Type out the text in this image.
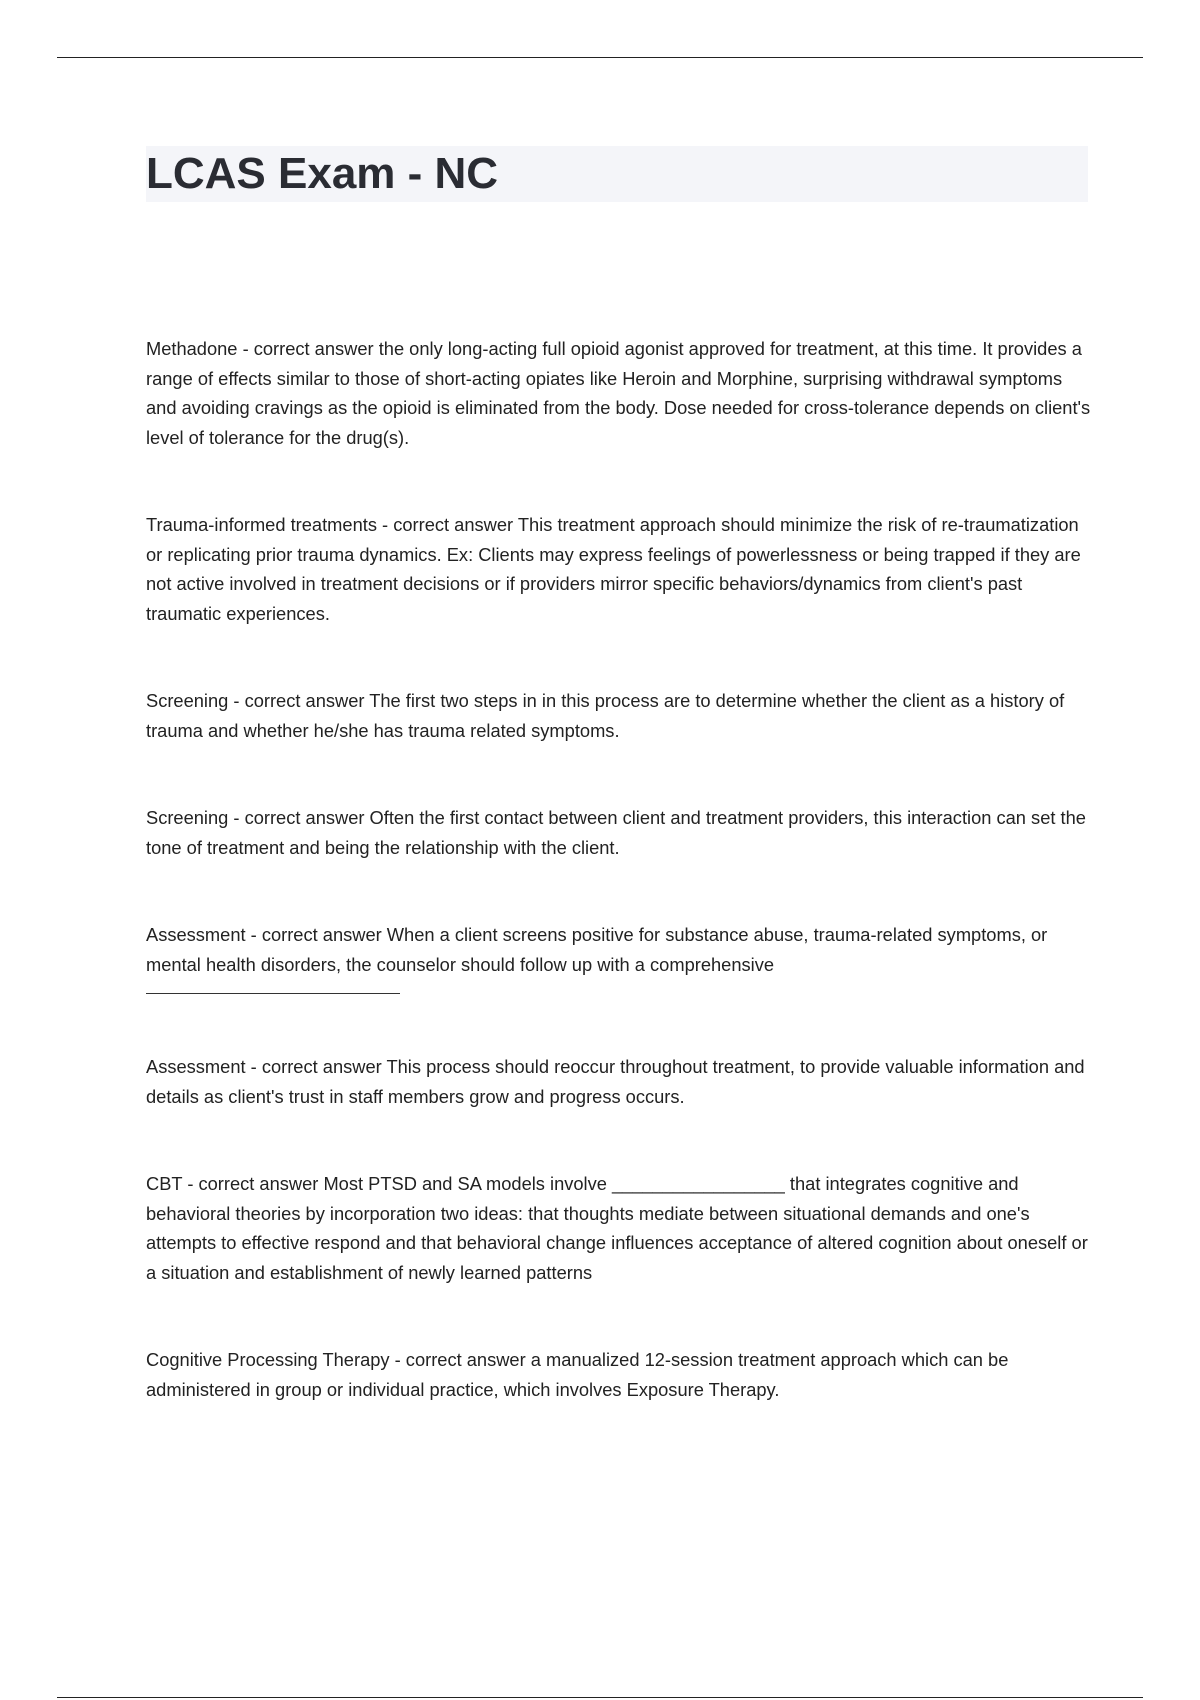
LCAS Exam - NC

Methadone - correct answer the only long-acting full opioid agonist approved for treatment, at this time. It provides a range of effects similar to those of short-acting opiates like Heroin and Morphine, surprising withdrawal symptoms and avoiding cravings as the opioid is eliminated from the body. Dose needed for cross-tolerance depends on client's level of tolerance for the drug(s).

Trauma-informed treatments - correct answer This treatment approach should minimize the risk of re-traumatization or replicating prior trauma dynamics. Ex: Clients may express feelings of powerlessness or being trapped if they are not active involved in treatment decisions or if providers mirror specific behaviors/dynamics from client's past traumatic experiences.

Screening - correct answer The first two steps in in this process are to determine whether the client as a history of trauma and whether he/she has trauma related symptoms.

Screening - correct answer Often the first contact between client and treatment providers, this interaction can set the tone of treatment and being the relationship with the client.

Assessment - correct answer When a client screens positive for substance abuse, trauma-related symptoms, or mental health disorders, the counselor should follow up with a comprehensive

Assessment - correct answer This process should reoccur throughout treatment, to provide valuable information and details as client's trust in staff members grow and progress occurs.

CBT - correct answer Most PTSD and SA models involve _________________ that integrates cognitive and behavioral theories by incorporation two ideas: that thoughts mediate between situational demands and one's attempts to effective respond and that behavioral change influences acceptance of altered cognition about oneself or a situation and establishment of newly learned patterns

Cognitive Processing Therapy - correct answer a manualized 12-session treatment approach which can be administered in group or individual practice, which involves Exposure Therapy.
